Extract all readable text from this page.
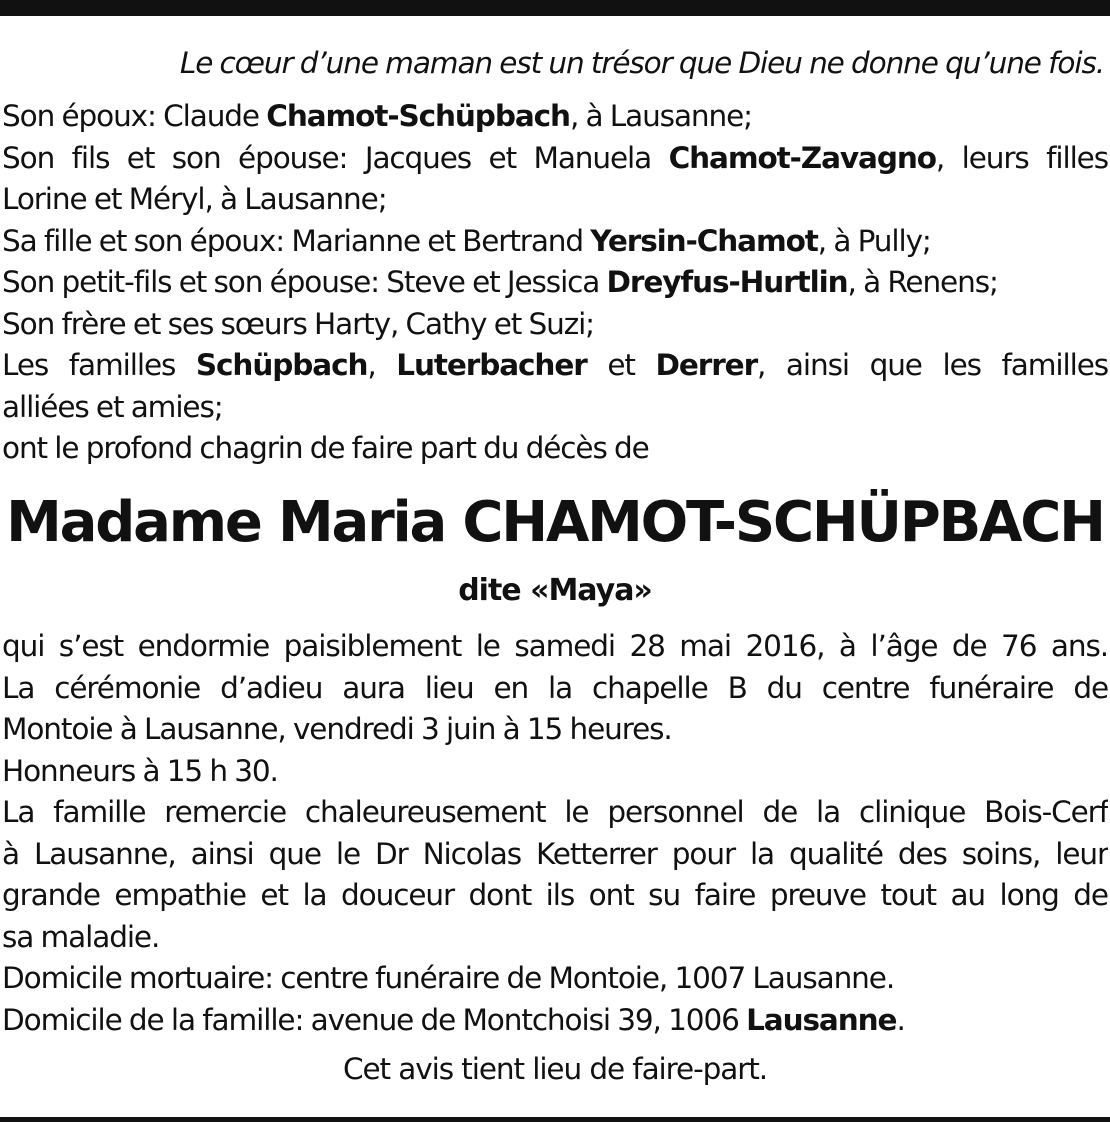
Le cœur d’une maman est un trésor que Dieu ne donne qu’une fois.
Son époux: Claude Chamot-Schüpbach, à Lausanne;
Son fils et son épouse: Jacques et Manuela Chamot-Zavagno, leurs filles
Lorine et Méryl, à Lausanne;
Sa fille et son époux: Marianne et Bertrand Yersin-Chamot, à Pully;
Son petit-fils et son épouse: Steve et Jessica Dreyfus-Hurtlin, à Renens;
Son frère et ses sœurs Harty, Cathy et Suzi;
Les familles Schüpbach, Luterbacher et Derrer, ainsi que les familles
alliées et amies;
ont le profond chagrin de faire part du décès de
Madame Maria CHAMOT-SCHÜPBACH
dite «Maya»
qui s’est endormie paisiblement le samedi 28 mai 2016, à l’âge de 76 ans.
La cérémonie d’adieu aura lieu en la chapelle B du centre funéraire de
Montoie à Lausanne, vendredi 3 juin à 15 heures.
Honneurs à 15 h 30.
La famille remercie chaleureusement le personnel de la clinique Bois-Cerf
à Lausanne, ainsi que le Dr Nicolas Ketterrer pour la qualité des soins, leur
grande empathie et la douceur dont ils ont su faire preuve tout au long de
sa maladie.
Domicile mortuaire: centre funéraire de Montoie, 1007 Lausanne.
Domicile de la famille: avenue de Montchoisi 39, 1006 Lausanne.
Cet avis tient lieu de faire-part.
